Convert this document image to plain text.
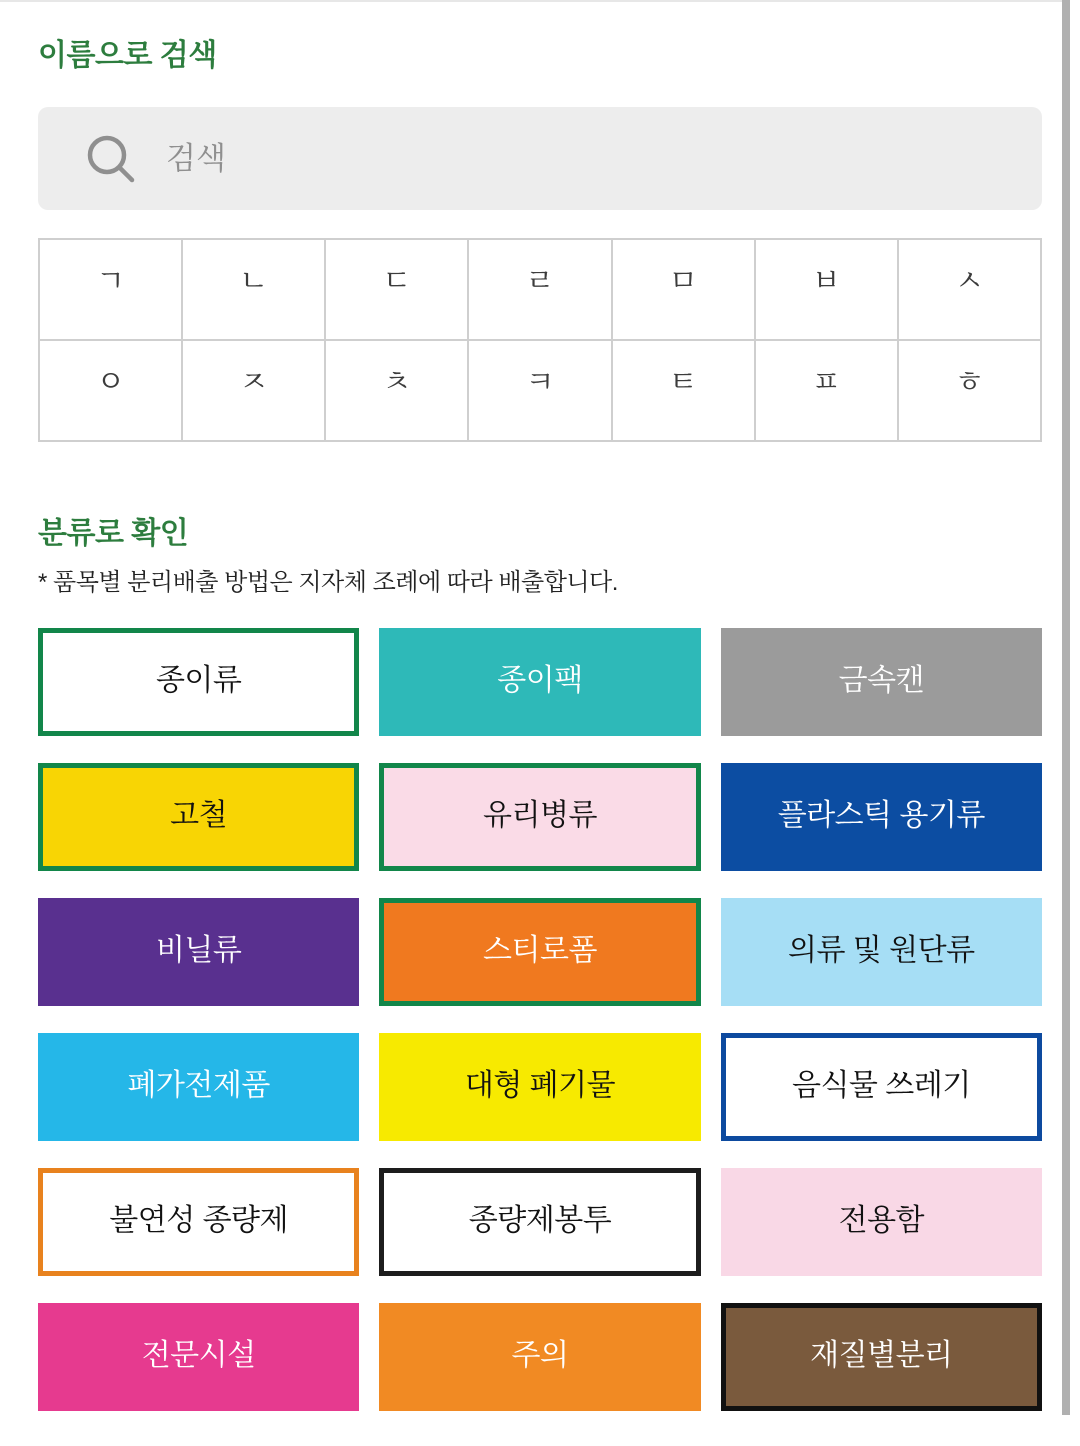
이름으로 검색
검색
ㄱ	ㄴ	ㄷ	ㄹ	ㅁ	ㅂ	ㅅ
ㅇ	ㅈ	ㅊ	ㅋ	ㅌ	ㅍ	ㅎ
분류로 확인

* 품목별 분리배출 방법은 지자체 조례에 따라 배출합니다.

종이류	종이팩	금속캔
고철	유리병류	플라스틱 용기류
비닐류	스티로폼	의류 및 원단류
폐가전제품	대형 폐기물	음식물 쓰레기
불연성 종량제	종량제봉투	전용함
전문시설	주의	재질별분리
